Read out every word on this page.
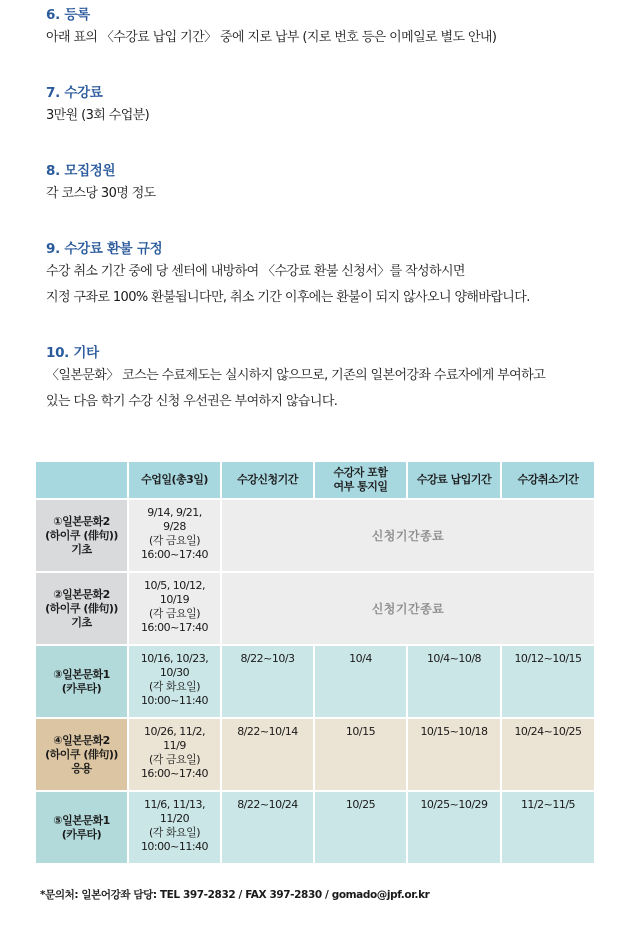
6. 등록
아래 표의 〈수강료 납입 기간〉 중에 지로 납부 (지로 번호 등은 이메일로 별도 안내)
7. 수강료
3만원 (3회 수업분)
8. 모집정원
각 코스당 30명 정도
9. 수강료 환불 규정
수강 취소 기간 중에 당 센터에 내방하여 〈수강료 환불 신청서〉를 작성하시면
지정 구좌로 100% 환불됩니다만, 취소 기간 이후에는 환불이 되지 않사오니 양해바랍니다.
10. 기타
〈일본문화〉 코스는 수료제도는 실시하지 않으므로, 기존의 일본어강좌 수료자에게 부여하고
있는 다음 학기 수강 신청 우선권은 부여하지 않습니다.
	수업일(총3일)	수강신청기간	수강자 포함
여부 통지일	수강료 납입기간	수강취소기간
①일본문화2
(하이쿠 (俳句))
기초	9/14, 9/21,
9/28
(각 금요일)
16:00~17:40	신청기간종료			
②일본문화2
(하이쿠 (俳句))
기초	10/5, 10/12,
10/19
(각 금요일)
16:00~17:40	신청기간종료			
③일본문화1
(카루타)	10/16, 10/23,
10/30
(각 화요일)
10:00~11:40	8/22~10/3	10/4	10/4~10/8	10/12~10/15
④일본문화2
(하이쿠 (俳句))
응용	10/26, 11/2,
11/9
(각 금요일)
16:00~17:40	8/22~10/14	10/15	10/15~10/18	10/24~10/25
⑤일본문화1
(카루타)	11/6, 11/13,
11/20
(각 화요일)
10:00~11:40	8/22~10/24	10/25	10/25~10/29	11/2~11/5
*문의처: 일본어강좌 담당: TEL 397-2832 / FAX 397-2830 / gomado@jpf.or.kr
